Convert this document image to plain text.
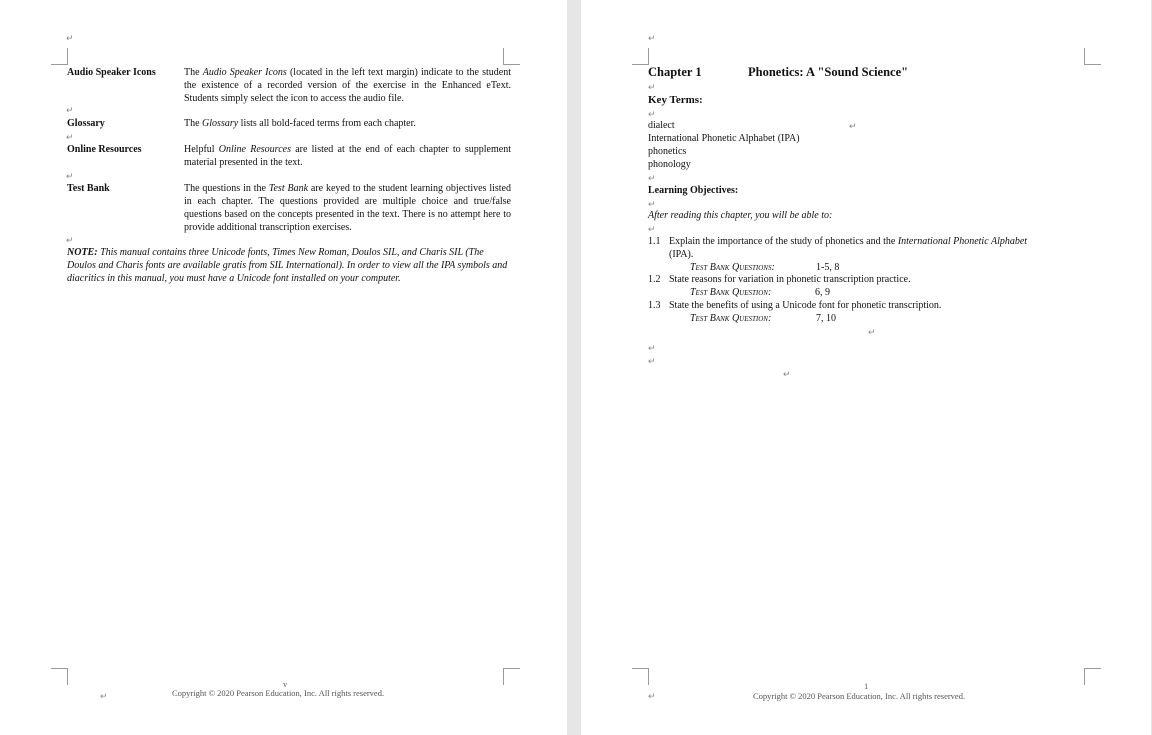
↵
Audio Speaker Icons	The Audio Speaker Icons (located in the left text margin) indicate to the student the existence of a recorded version of the exercise in the Enhanced eText. Students simply select the icon to access the audio file.
↵
Glossary	The Glossary lists all bold-faced terms from each chapter.
↵
Online Resources	Helpful Online Resources are listed at the end of each chapter to supplement material presented in the text.
↵
Test Bank	The questions in the Test Bank are keyed to the student learning objectives listed in each chapter. The questions provided are multiple choice and true/false questions based on the concepts presented in the text. There is no attempt here to provide additional transcription exercises.
↵
NOTE: This manual contains three Unicode fonts, Times New Roman, Doulos SIL, and Charis SIL (The Doulos and Charis fonts are available gratis from SIL International). In order to view all the IPA symbols and diacritics in this manual, you must have a Unicode font installed on your computer.
v
↵	Copyright © 2020 Pearson Education, Inc. All rights reserved.
↵
Chapter 1	Phonetics: A "Sound Science"
↵
Key Terms:
↵
dialect	↵
International Phonetic Alphabet (IPA)
phonetics
phonology
↵
Learning Objectives:
↵
After reading this chapter, you will be able to:
↵
1.1 Explain the importance of the study of phonetics and the International Phonetic Alphabet
(IPA).
Test Bank Questions:	1-5, 8
1.2 State reasons for variation in phonetic transcription practice.
Test Bank Question:	6, 9
1.3 State the benefits of using a Unicode font for phonetic transcription.
Test Bank Question:	7, 10
↵
↵
↵
↵
1
↵	Copyright © 2020 Pearson Education, Inc. All rights reserved.
